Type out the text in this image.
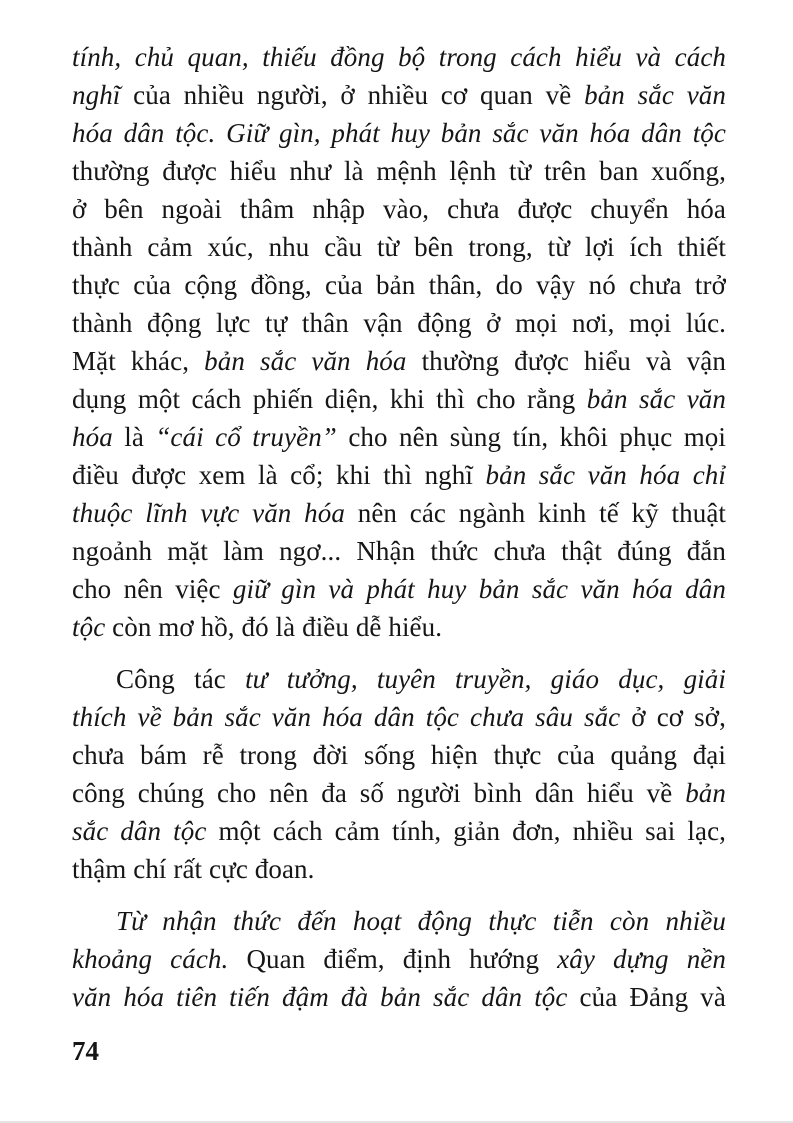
tính, chủ quan, thiếu đồng bộ trong cách hiểu và cách
nghĩ của nhiều người, ở nhiều cơ quan về bản sắc văn
hóa dân tộc. Giữ gìn, phát huy bản sắc văn hóa dân tộc
thường được hiểu như là mệnh lệnh từ trên ban xuống,
ở bên ngoài thâm nhập vào, chưa được chuyển hóa
thành cảm xúc, nhu cầu từ bên trong, từ lợi ích thiết
thực của cộng đồng, của bản thân, do vậy nó chưa trở
thành động lực tự thân vận động ở mọi nơi, mọi lúc.
Mặt khác, bản sắc văn hóa thường được hiểu và vận
dụng một cách phiến diện, khi thì cho rằng bản sắc văn
hóa là “cái cổ truyền” cho nên sùng tín, khôi phục mọi
điều được xem là cổ; khi thì nghĩ bản sắc văn hóa chỉ
thuộc lĩnh vực văn hóa nên các ngành kinh tế kỹ thuật
ngoảnh mặt làm ngơ... Nhận thức chưa thật đúng đắn
cho nên việc giữ gìn và phát huy bản sắc văn hóa dân
tộc còn mơ hồ, đó là điều dễ hiểu.
Công tác tư tưởng, tuyên truyền, giáo dục, giải
thích về bản sắc văn hóa dân tộc chưa sâu sắc ở cơ sở,
chưa bám rễ trong đời sống hiện thực của quảng đại
công chúng cho nên đa số người bình dân hiểu về bản
sắc dân tộc một cách cảm tính, giản đơn, nhiều sai lạc,
thậm chí rất cực đoan.
Từ nhận thức đến hoạt động thực tiễn còn nhiều
khoảng cách. Quan điểm, định hướng xây dựng nền
văn hóa tiên tiến đậm đà bản sắc dân tộc của Đảng và
74
